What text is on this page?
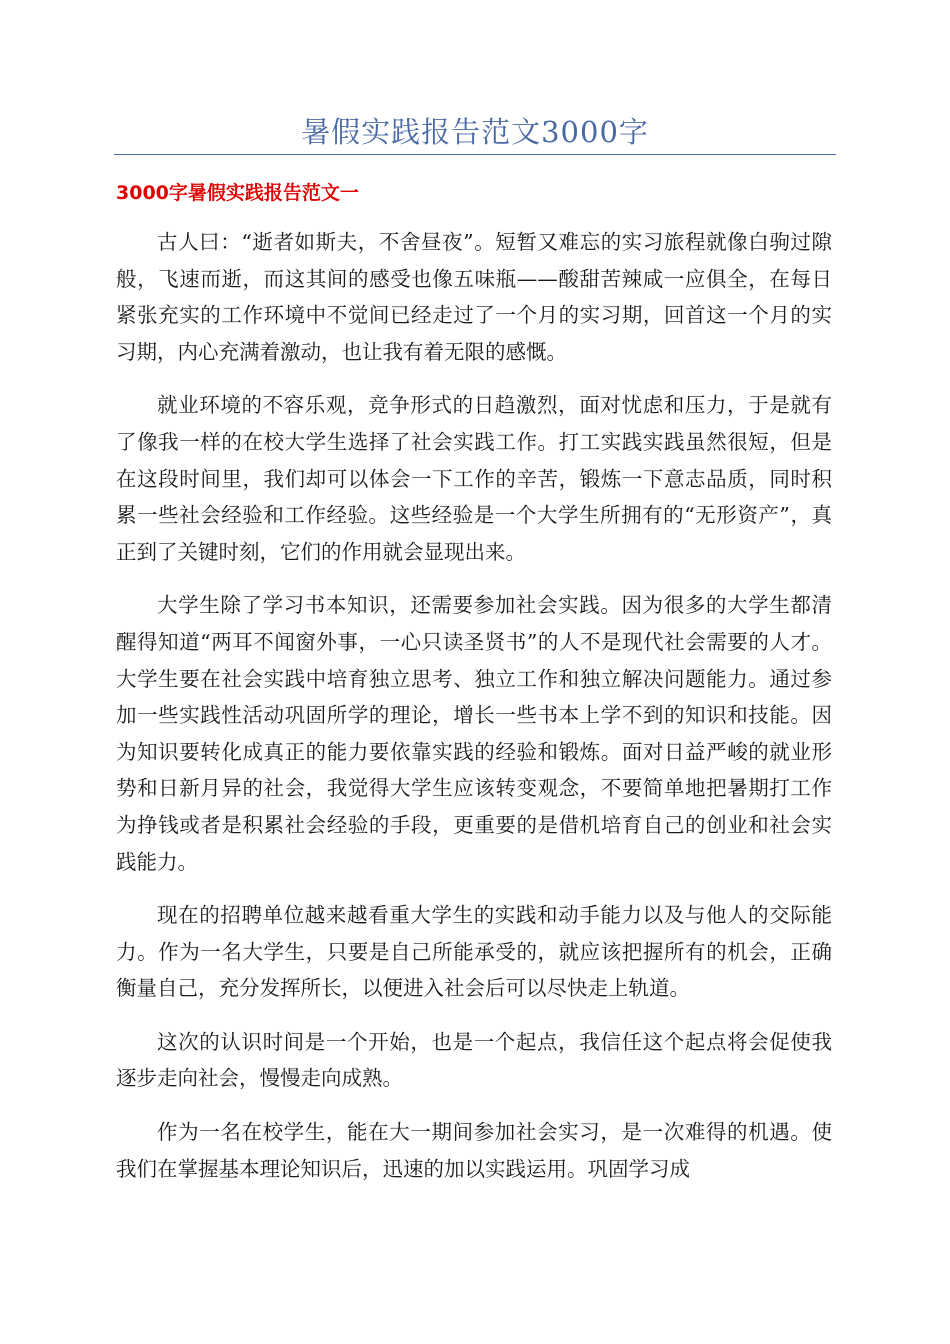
暑假实践报告范文3000字
3000字暑假实践报告范文一

古人曰：“逝者如斯夫，不舍昼夜”。短暂又难忘的实习旅程就像白驹过隙般，飞速而逝，而这其间的感受也像五味瓶——酸甜苦辣咸一应俱全，在每日紧张充实的工作环境中不觉间已经走过了一个月的实习期，回首这一个月的实习期，内心充满着激动，也让我有着无限的感慨。

就业环境的不容乐观，竞争形式的日趋激烈，面对忧虑和压力，于是就有了像我一样的在校大学生选择了社会实践工作。打工实践实践虽然很短，但是在这段时间里，我们却可以体会一下工作的辛苦，锻炼一下意志品质，同时积累一些社会经验和工作经验。这些经验是一个大学生所拥有的“无形资产”，真正到了关键时刻，它们的作用就会显现出来。

大学生除了学习书本知识，还需要参加社会实践。因为很多的大学生都清醒得知道“两耳不闻窗外事，一心只读圣贤书”的人不是现代社会需要的人才。大学生要在社会实践中培育独立思考、独立工作和独立解决问题能力。通过参加一些实践性活动巩固所学的理论，增长一些书本上学不到的知识和技能。因为知识要转化成真正的能力要依靠实践的经验和锻炼。面对日益严峻的就业形势和日新月异的社会，我觉得大学生应该转变观念，不要简单地把暑期打工作为挣钱或者是积累社会经验的手段，更重要的是借机培育自己的创业和社会实践能力。

现在的招聘单位越来越看重大学生的实践和动手能力以及与他人的交际能力。作为一名大学生，只要是自己所能承受的，就应该把握所有的机会，正确衡量自己，充分发挥所长，以便进入社会后可以尽快走上轨道。

这次的认识时间是一个开始，也是一个起点，我信任这个起点将会促使我逐步走向社会，慢慢走向成熟。

作为一名在校学生，能在大一期间参加社会实习，是一次难得的机遇。使我们在掌握基本理论知识后，迅速的加以实践运用。巩固学习成
